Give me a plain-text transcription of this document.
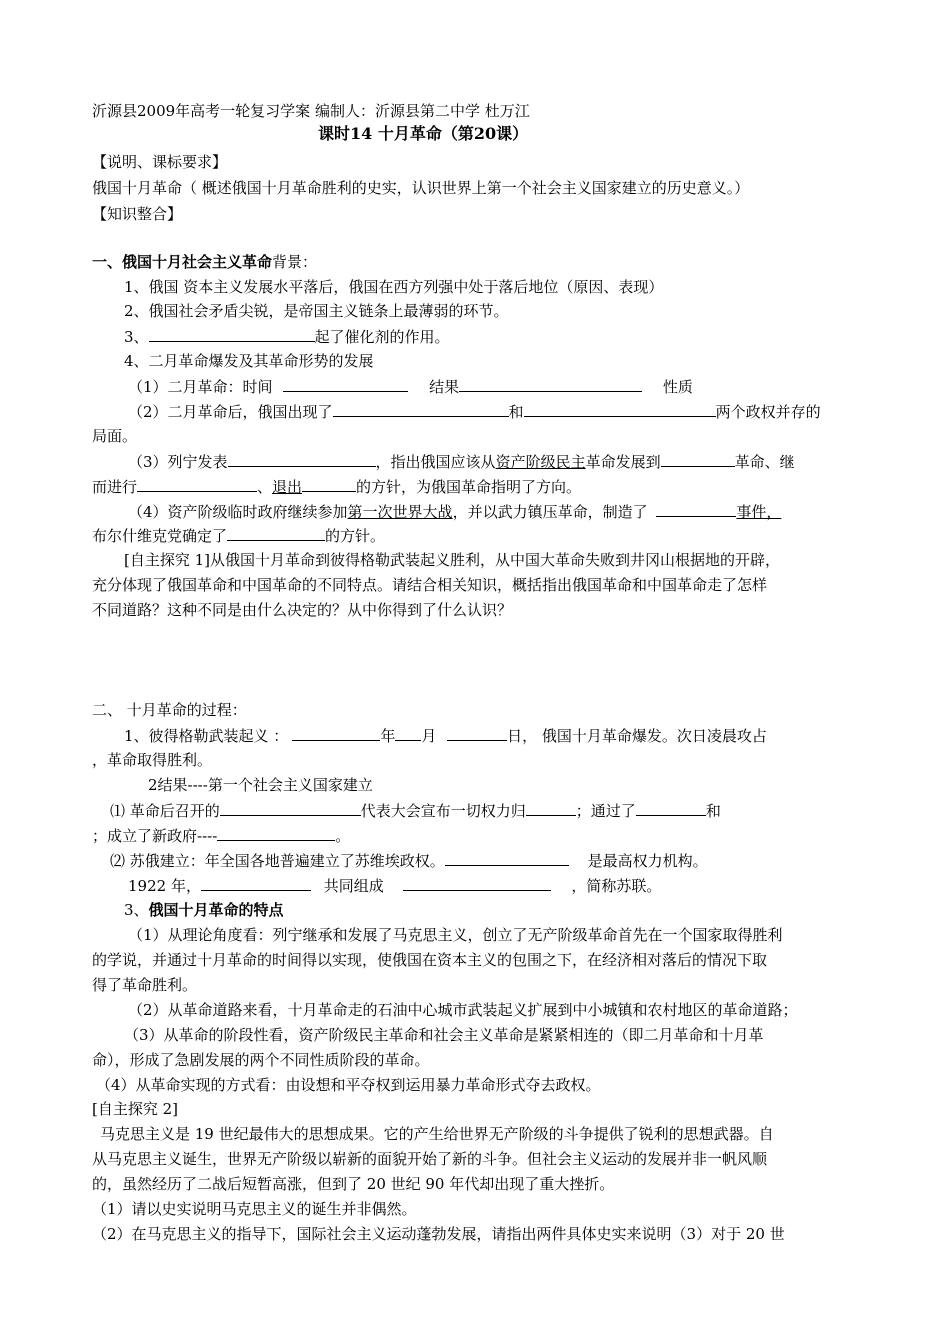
沂源县2009年高考一轮复习学案 编制人：沂源县第二中学 杜万江
课时14 十月革命（第20课）
【说明、课标要求】
俄国十月革命（ 概述俄国十月革命胜利的史实，认识世界上第一个社会主义国家建立的历史意义。）
【知识整合】
一、俄国十月社会主义革命背景：
1、俄国 资本主义发展水平落后，俄国在西方列强中处于落后地位（原因、表现）
2、俄国社会矛盾尖锐，是帝国主义链条上最薄弱的环节。
3、	起了催化剂的作用。
4、二月革命爆发及其革命形势的发展
（1）二月革命：时间	结果	性质
（2）二月革命后，俄国出现了	和	两个政权并存的
局面。
（3）列宁发表	，指出俄国应该从资产阶级民主革命发展到	革命、继
而进行	、退出	的方针，为俄国革命指明了方向。
（4）资产阶级临时政府继续参加第一次世界大战，并以武力镇压革命，制造了	事件，
布尔什维克党确定了	的方针。
[自主探究 1]从俄国十月革命到彼得格勒武装起义胜利，从中国大革命失败到井冈山根据地的开辟，
充分体现了俄国革命和中国革命的不同特点。请结合相关知识，概括指出俄国革命和中国革命走了怎样
不同道路？这种不同是由什么决定的？从中你得到了什么认识？
二、 十月革命的过程：
1、彼得格勒武装起义 ：	年 月	日， 俄国十月革命爆发。次日凌晨攻占
，革命取得胜利。
2结果----第一个社会主义国家建立
⑴ 革命后召开的	代表大会宣布一切权力归	；通过了	和
；成立了新政府----	。
⑵ 苏俄建立：年全国各地普遍建立了苏维埃政权。	是最高权力机构。
1922 年，	共同组成	，简称苏联。
3、俄国十月革命的特点
（1）从理论角度看：列宁继承和发展了马克思主义，创立了无产阶级革命首先在一个国家取得胜利
的学说，并通过十月革命的时间得以实现，使俄国在资本主义的包围之下，在经济相对落后的情况下取
得了革命胜利。
（2）从革命道路来看，十月革命走的石油中心城市武装起义扩展到中小城镇和农村地区的革命道路；
（3）从革命的阶段性看，资产阶级民主革命和社会主义革命是紧紧相连的（即二月革命和十月革
命），形成了急剧发展的两个不同性质阶段的革命。
（4）从革命实现的方式看：由设想和平夺权到运用暴力革命形式夺去政权。
[自主探究 2]
马克思主义是 19 世纪最伟大的思想成果。它的产生给世界无产阶级的斗争提供了锐利的思想武器。自
从马克思主义诞生，世界无产阶级以崭新的面貌开始了新的斗争。但社会主义运动的发展并非一帆风顺
的，虽然经历了二战后短暂高涨，但到了 20 世纪 90 年代却出现了重大挫折。
（1）请以史实说明马克思主义的诞生并非偶然。
（2）在马克思主义的指导下，国际社会主义运动蓬勃发展，请指出两件具体史实来说明（3）对于 20 世
